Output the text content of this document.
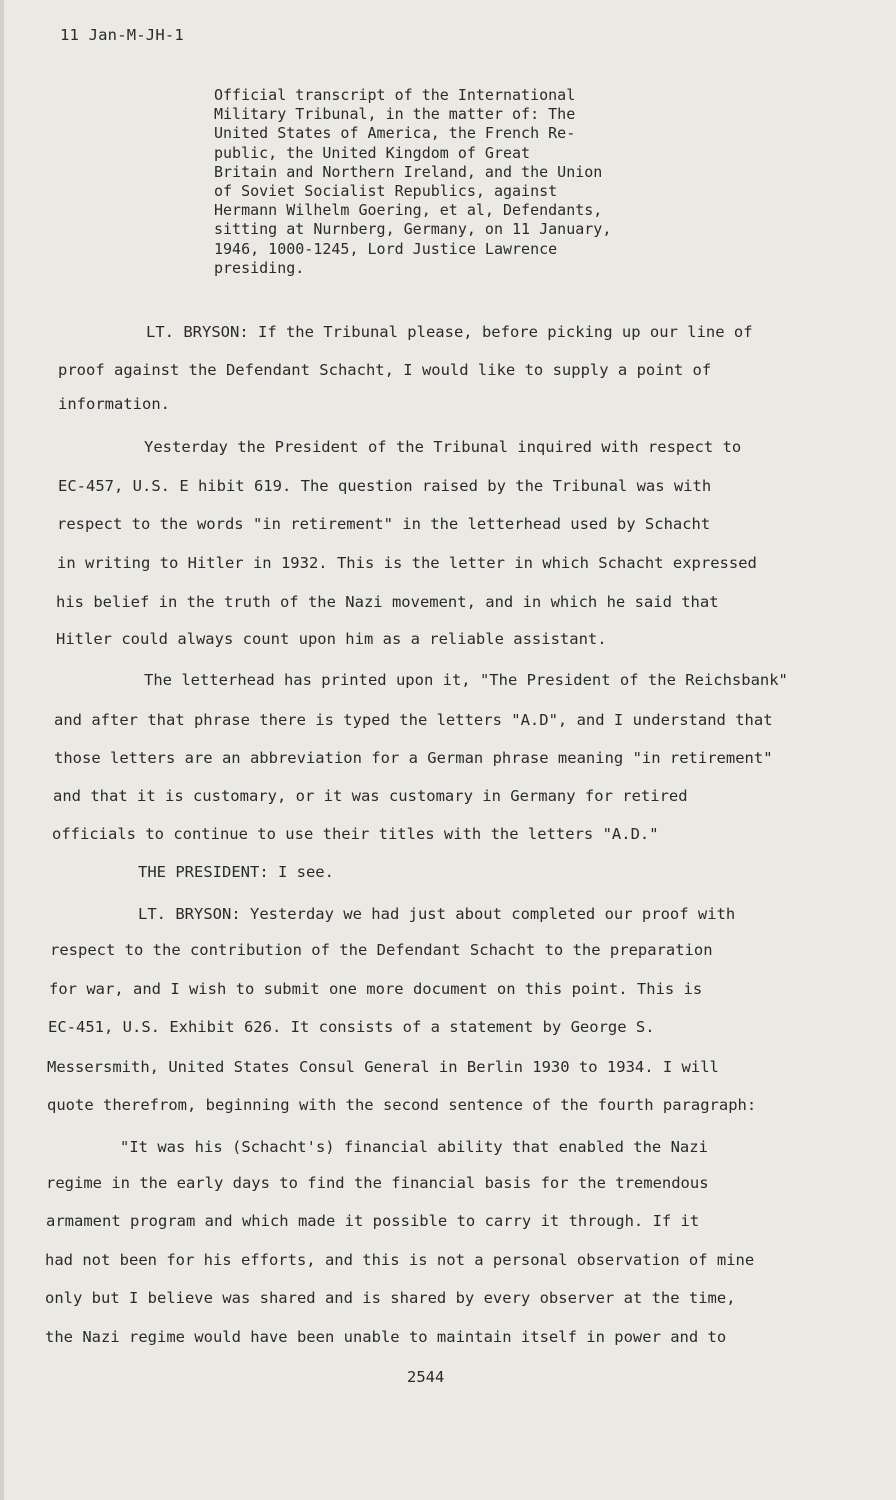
11 Jan-M-JH-1
Official transcript of the International
Military Tribunal, in the matter of: The
United States of America, the French Re-
public, the United Kingdom of Great
Britain and Northern Ireland, and the Union
of Soviet Socialist Republics, against
Hermann Wilhelm Goering, et al, Defendants,
sitting at Nurnberg, Germany, on 11 January,
1946, 1000-1245, Lord Justice Lawrence
presiding.
LT. BRYSON: If the Tribunal please, before picking up our line of
proof against the Defendant Schacht, I would like to supply a point of
information.
Yesterday the President of the Tribunal inquired with respect to
EC-457, U.S. E hibit 619. The question raised by the Tribunal was with
respect to the words "in retirement" in the letterhead used by Schacht
in writing to Hitler in 1932. This is the letter in which Schacht expressed
his belief in the truth of the Nazi movement, and in which he said that
Hitler could always count upon him as a reliable assistant.
The letterhead has printed upon it, "The President of the Reichsbank"
and after that phrase there is typed the letters "A.D", and I understand that
those letters are an abbreviation for a German phrase meaning "in retirement"
and that it is customary, or it was customary in Germany for retired
officials to continue to use their titles with the letters "A.D."
THE PRESIDENT: I see.
LT. BRYSON: Yesterday we had just about completed our proof with
respect to the contribution of the Defendant Schacht to the preparation
for war, and I wish to submit one more document on this point. This is
EC-451, U.S. Exhibit 626. It consists of a statement by George S.
Messersmith, United States Consul General in Berlin 1930 to 1934. I will
quote therefrom, beginning with the second sentence of the fourth paragraph:
"It was his (Schacht's) financial ability that enabled the Nazi
regime in the early days to find the financial basis for the tremendous
armament program and which made it possible to carry it through. If it
had not been for his efforts, and this is not a personal observation of mine
only but I believe was shared and is shared by every observer at the time,
the Nazi regime would have been unable to maintain itself in power and to
2544
